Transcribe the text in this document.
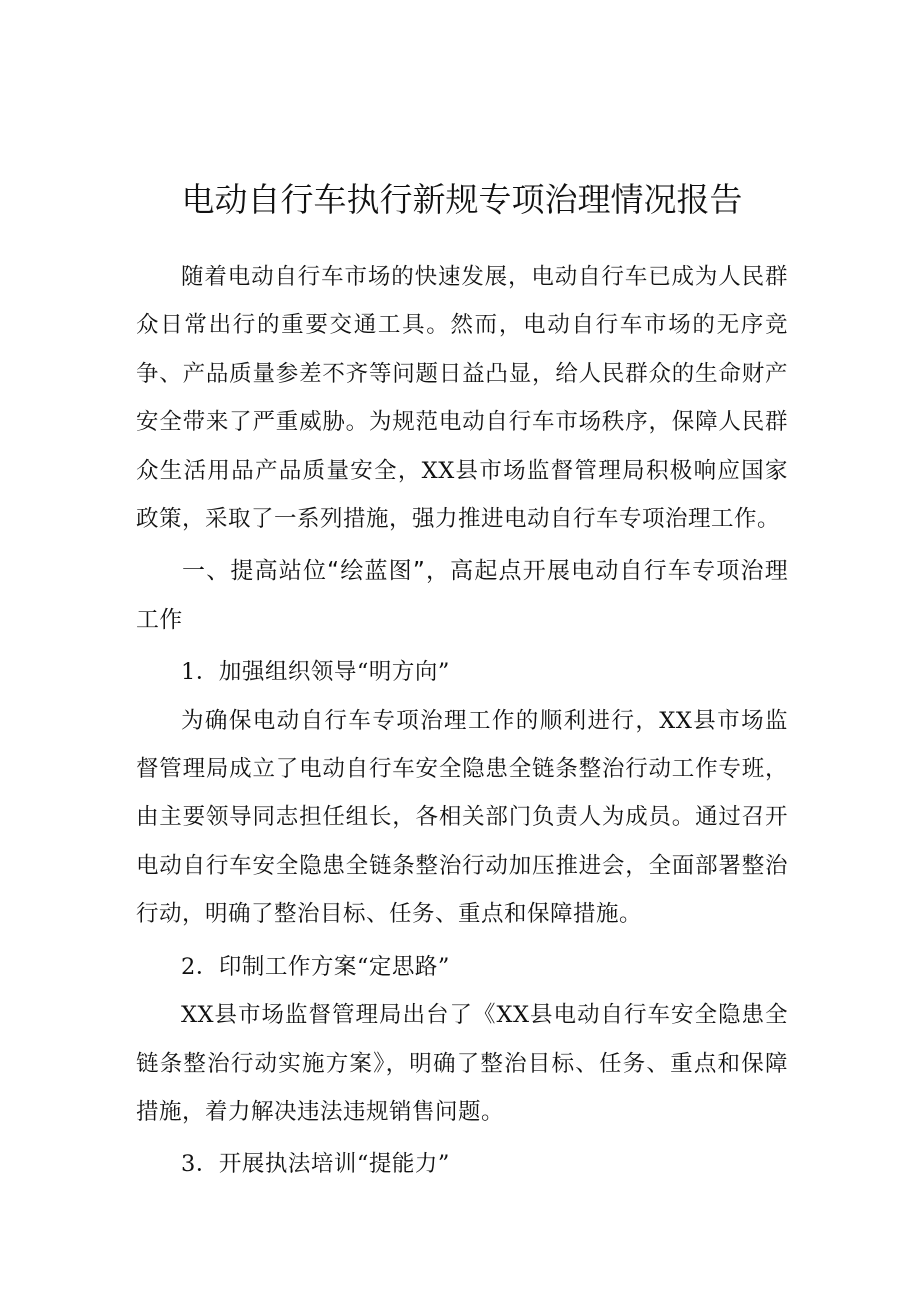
电动自行车执行新规专项治理情况报告

随着电动自行车市场的快速发展，电动自行车已成为人民群众日常出行的重要交通工具。然而，电动自行车市场的无序竞争、产品质量参差不齐等问题日益凸显，给人民群众的生命财产安全带来了严重威胁。为规范电动自行车市场秩序，保障人民群众生活用品产品质量安全，XX县市场监督管理局积极响应国家政策，采取了一系列措施，强力推进电动自行车专项治理工作。

一、提高站位“绘蓝图”，高起点开展电动自行车专项治理工作

1．加强组织领导“明方向”

为确保电动自行车专项治理工作的顺利进行，XX县市场监督管理局成立了电动自行车安全隐患全链条整治行动工作专班，由主要领导同志担任组长，各相关部门负责人为成员。通过召开电动自行车安全隐患全链条整治行动加压推进会，全面部署整治行动，明确了整治目标、任务、重点和保障措施。

2．印制工作方案“定思路”

XX县市场监督管理局出台了《XX县电动自行车安全隐患全链条整治行动实施方案》，明确了整治目标、任务、重点和保障措施，着力解决违法违规销售问题。

3．开展执法培训“提能力”
